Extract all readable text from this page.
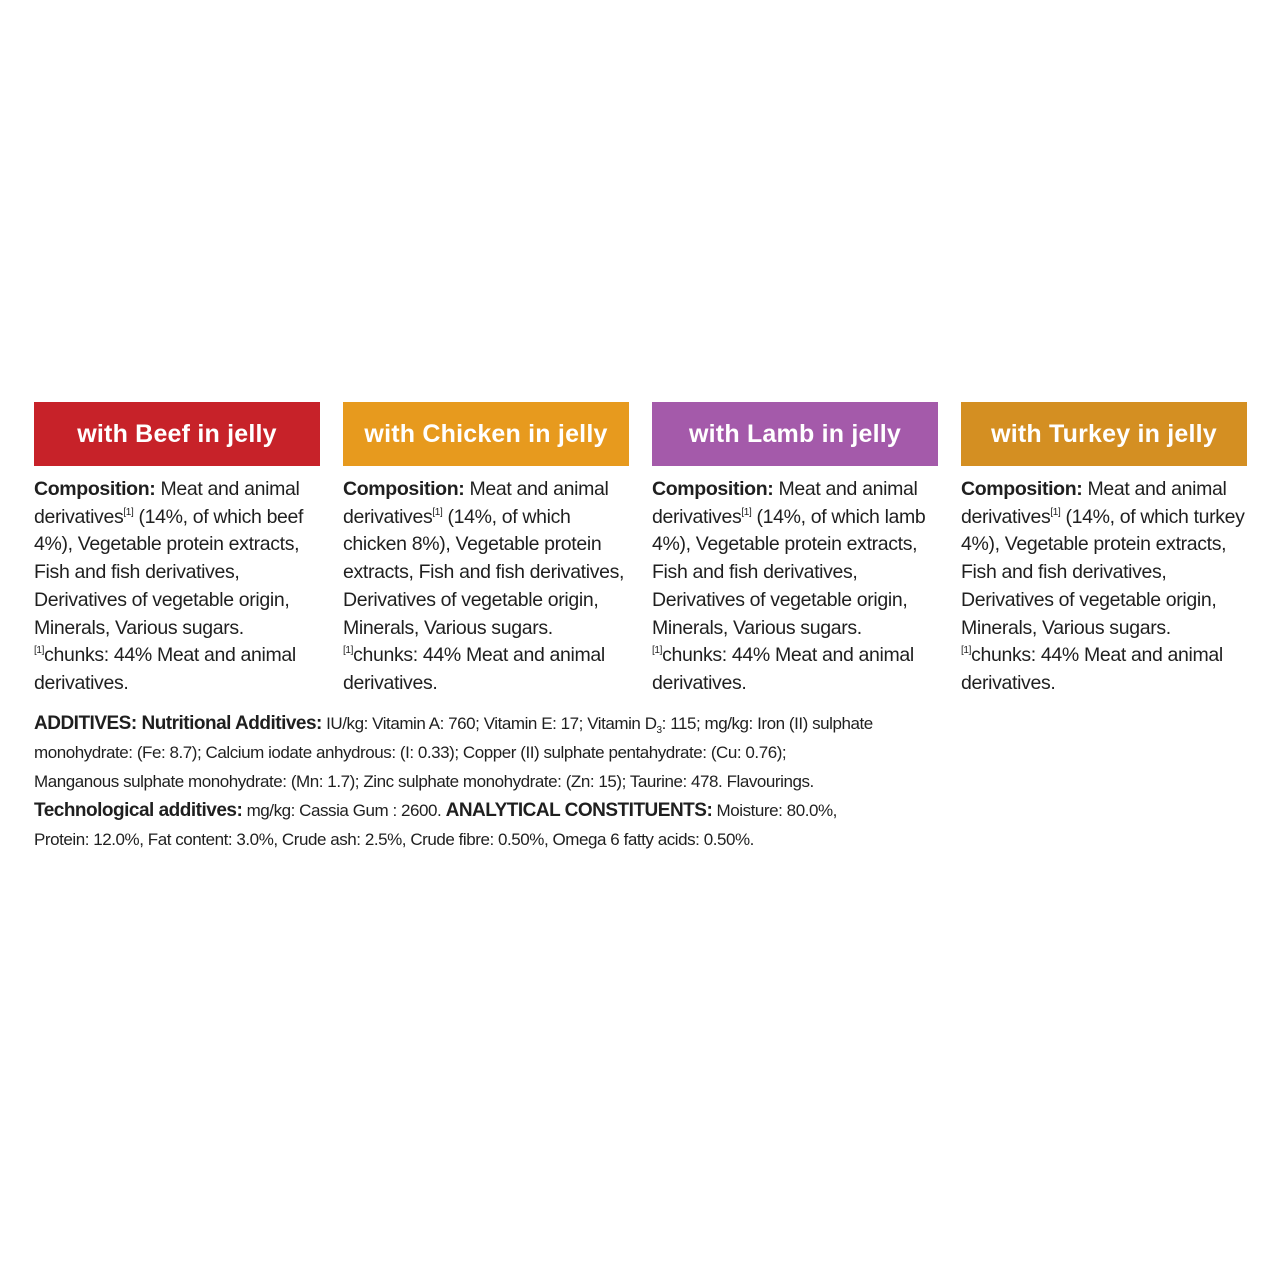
with Beef in jelly
Composition: Meat and animal derivatives[1] (14%, of which beef 4%), Vegetable protein extracts, Fish and fish derivatives, Derivatives of vegetable origin, Minerals, Various sugars. [1]chunks: 44% Meat and animal derivatives.
with Chicken in jelly
Composition: Meat and animal derivatives[1] (14%, of which chicken 8%), Vegetable protein extracts, Fish and fish derivatives, Derivatives of vegetable origin, Minerals, Various sugars. [1]chunks: 44% Meat and animal derivatives.
with Lamb in jelly
Composition: Meat and animal derivatives[1] (14%, of which lamb 4%), Vegetable protein extracts, Fish and fish derivatives, Derivatives of vegetable origin, Minerals, Various sugars. [1]chunks: 44% Meat and animal derivatives.
with Turkey in jelly
Composition: Meat and animal derivatives[1] (14%, of which turkey 4%), Vegetable protein extracts, Fish and fish derivatives, Derivatives of vegetable origin, Minerals, Various sugars. [1]chunks: 44% Meat and animal derivatives.
ADDITIVES: Nutritional Additives: IU/kg: Vitamin A: 760; Vitamin E: 17; Vitamin $D_3$: 115; mg/kg: Iron (II) sulphate monohydrate: (Fe: 8.7); Calcium iodate anhydrous: (I: 0.33); Copper (II) sulphate pentahydrate: (Cu: 0.76); Manganous sulphate monohydrate: (Mn: 1.7); Zinc sulphate monohydrate: (Zn: 15); Taurine: 478. Flavourings. Technological additives: mg/kg: Cassia Gum : 2600. ANALYTICAL CONSTITUENTS: Moisture: 80.0%, Protein: 12.0%, Fat content: 3.0%, Crude ash: 2.5%, Crude fibre: 0.50%, Omega 6 fatty acids: 0.50%.
